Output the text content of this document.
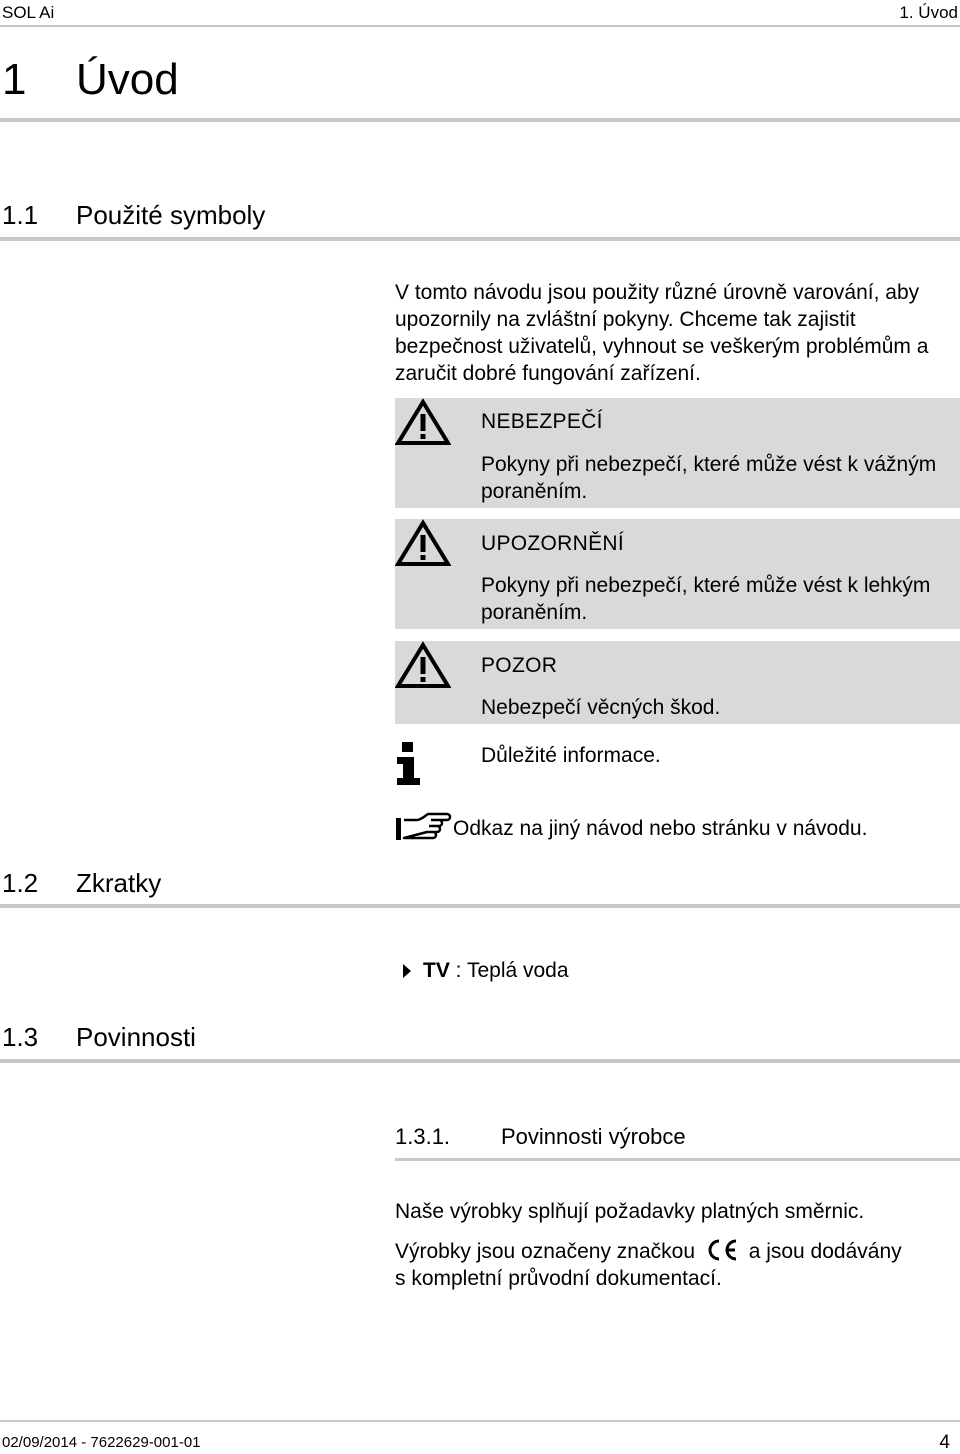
SOL Ai	1. Úvod
1 Úvod
1.1 Použité symboly
V tomto návodu jsou použity různé úrovně varování, aby
upozornily na zvláštní pokyny. Chceme tak zajistit
bezpečnost uživatelů, vyhnout se veškerým problémům a
zaručit dobré fungování zařízení.
NEBEZPEČÍ
Pokyny při nebezpečí, které může vést k vážným
poraněním.
UPOZORNĚNÍ
Pokyny při nebezpečí, které může vést k lehkým
poraněním.
POZOR
Nebezpečí věcných škod.
Důležité informace.
Odkaz na jiný návod nebo stránku v návodu.
1.2 Zkratky
TV : Teplá voda
1.3 Povinnosti
1.3.1. Povinnosti výrobce
Naše výrobky splňují požadavky platných směrnic.
Výrobky jsou označeny značkou	a jsou dodávány
s kompletní průvodní dokumentací.
02/09/2014 - 7622629-001-01	4
